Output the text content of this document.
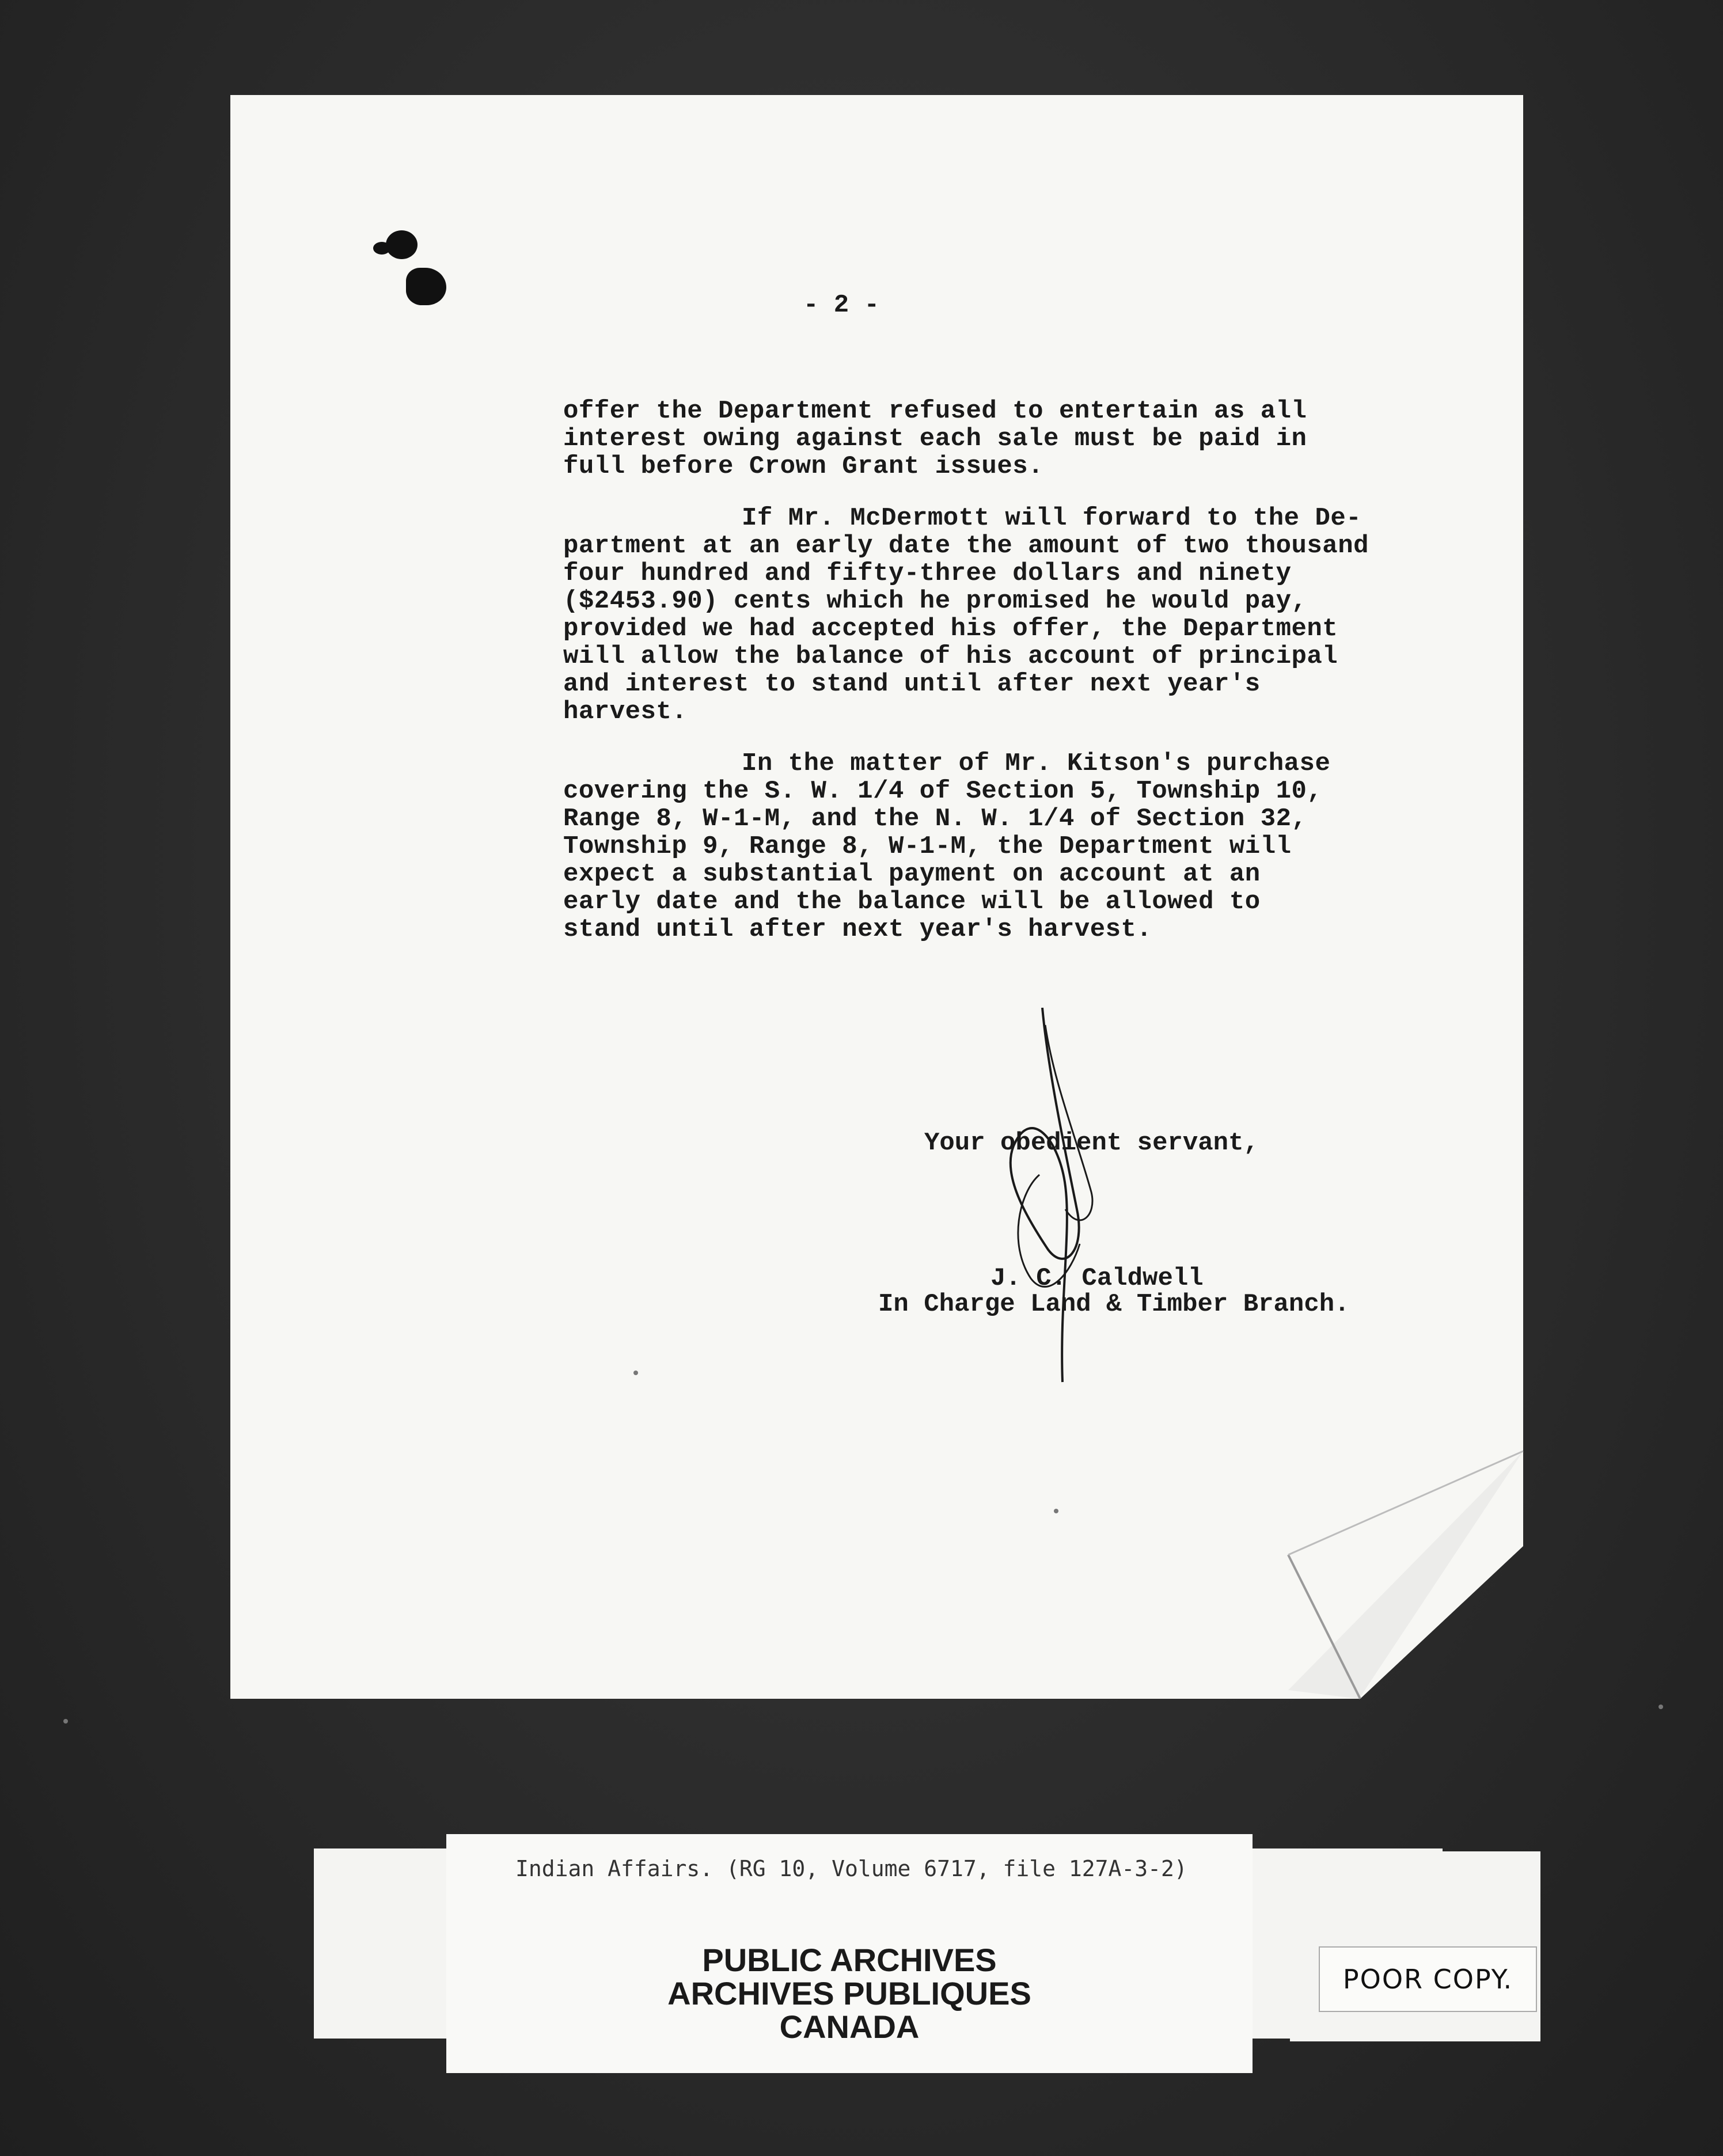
- 2 -

offer the Department refused to entertain as all
interest owing against each sale must be paid in
full before Crown Grant issues.

If Mr. McDermott will forward to the De-
partment at an early date the amount of two thousand
four hundred and fifty-three dollars and ninety
($2453.90) cents which he promised he would pay,
provided we had accepted his offer, the Department
will allow the balance of his account of principal
and interest to stand until after next year's
harvest.

In the matter of Mr. Kitson's purchase
covering the S. W. 1/4 of Section 5, Township 10,
Range 8, W-1-M, and the N. W. 1/4 of Section 32,
Township 9, Range 8, W-1-M, the Department will
expect a substantial payment on account at an
early date and the balance will be allowed to
stand until after next year's harvest.

Your obedient servant,
J. C. Caldwell
In Charge Land & Timber Branch.
Indian Affairs. (RG 10, Volume 6717, file 127A-3-2)
PUBLIC ARCHIVES
ARCHIVES PUBLIQUES
CANADA
POOR COPY.
